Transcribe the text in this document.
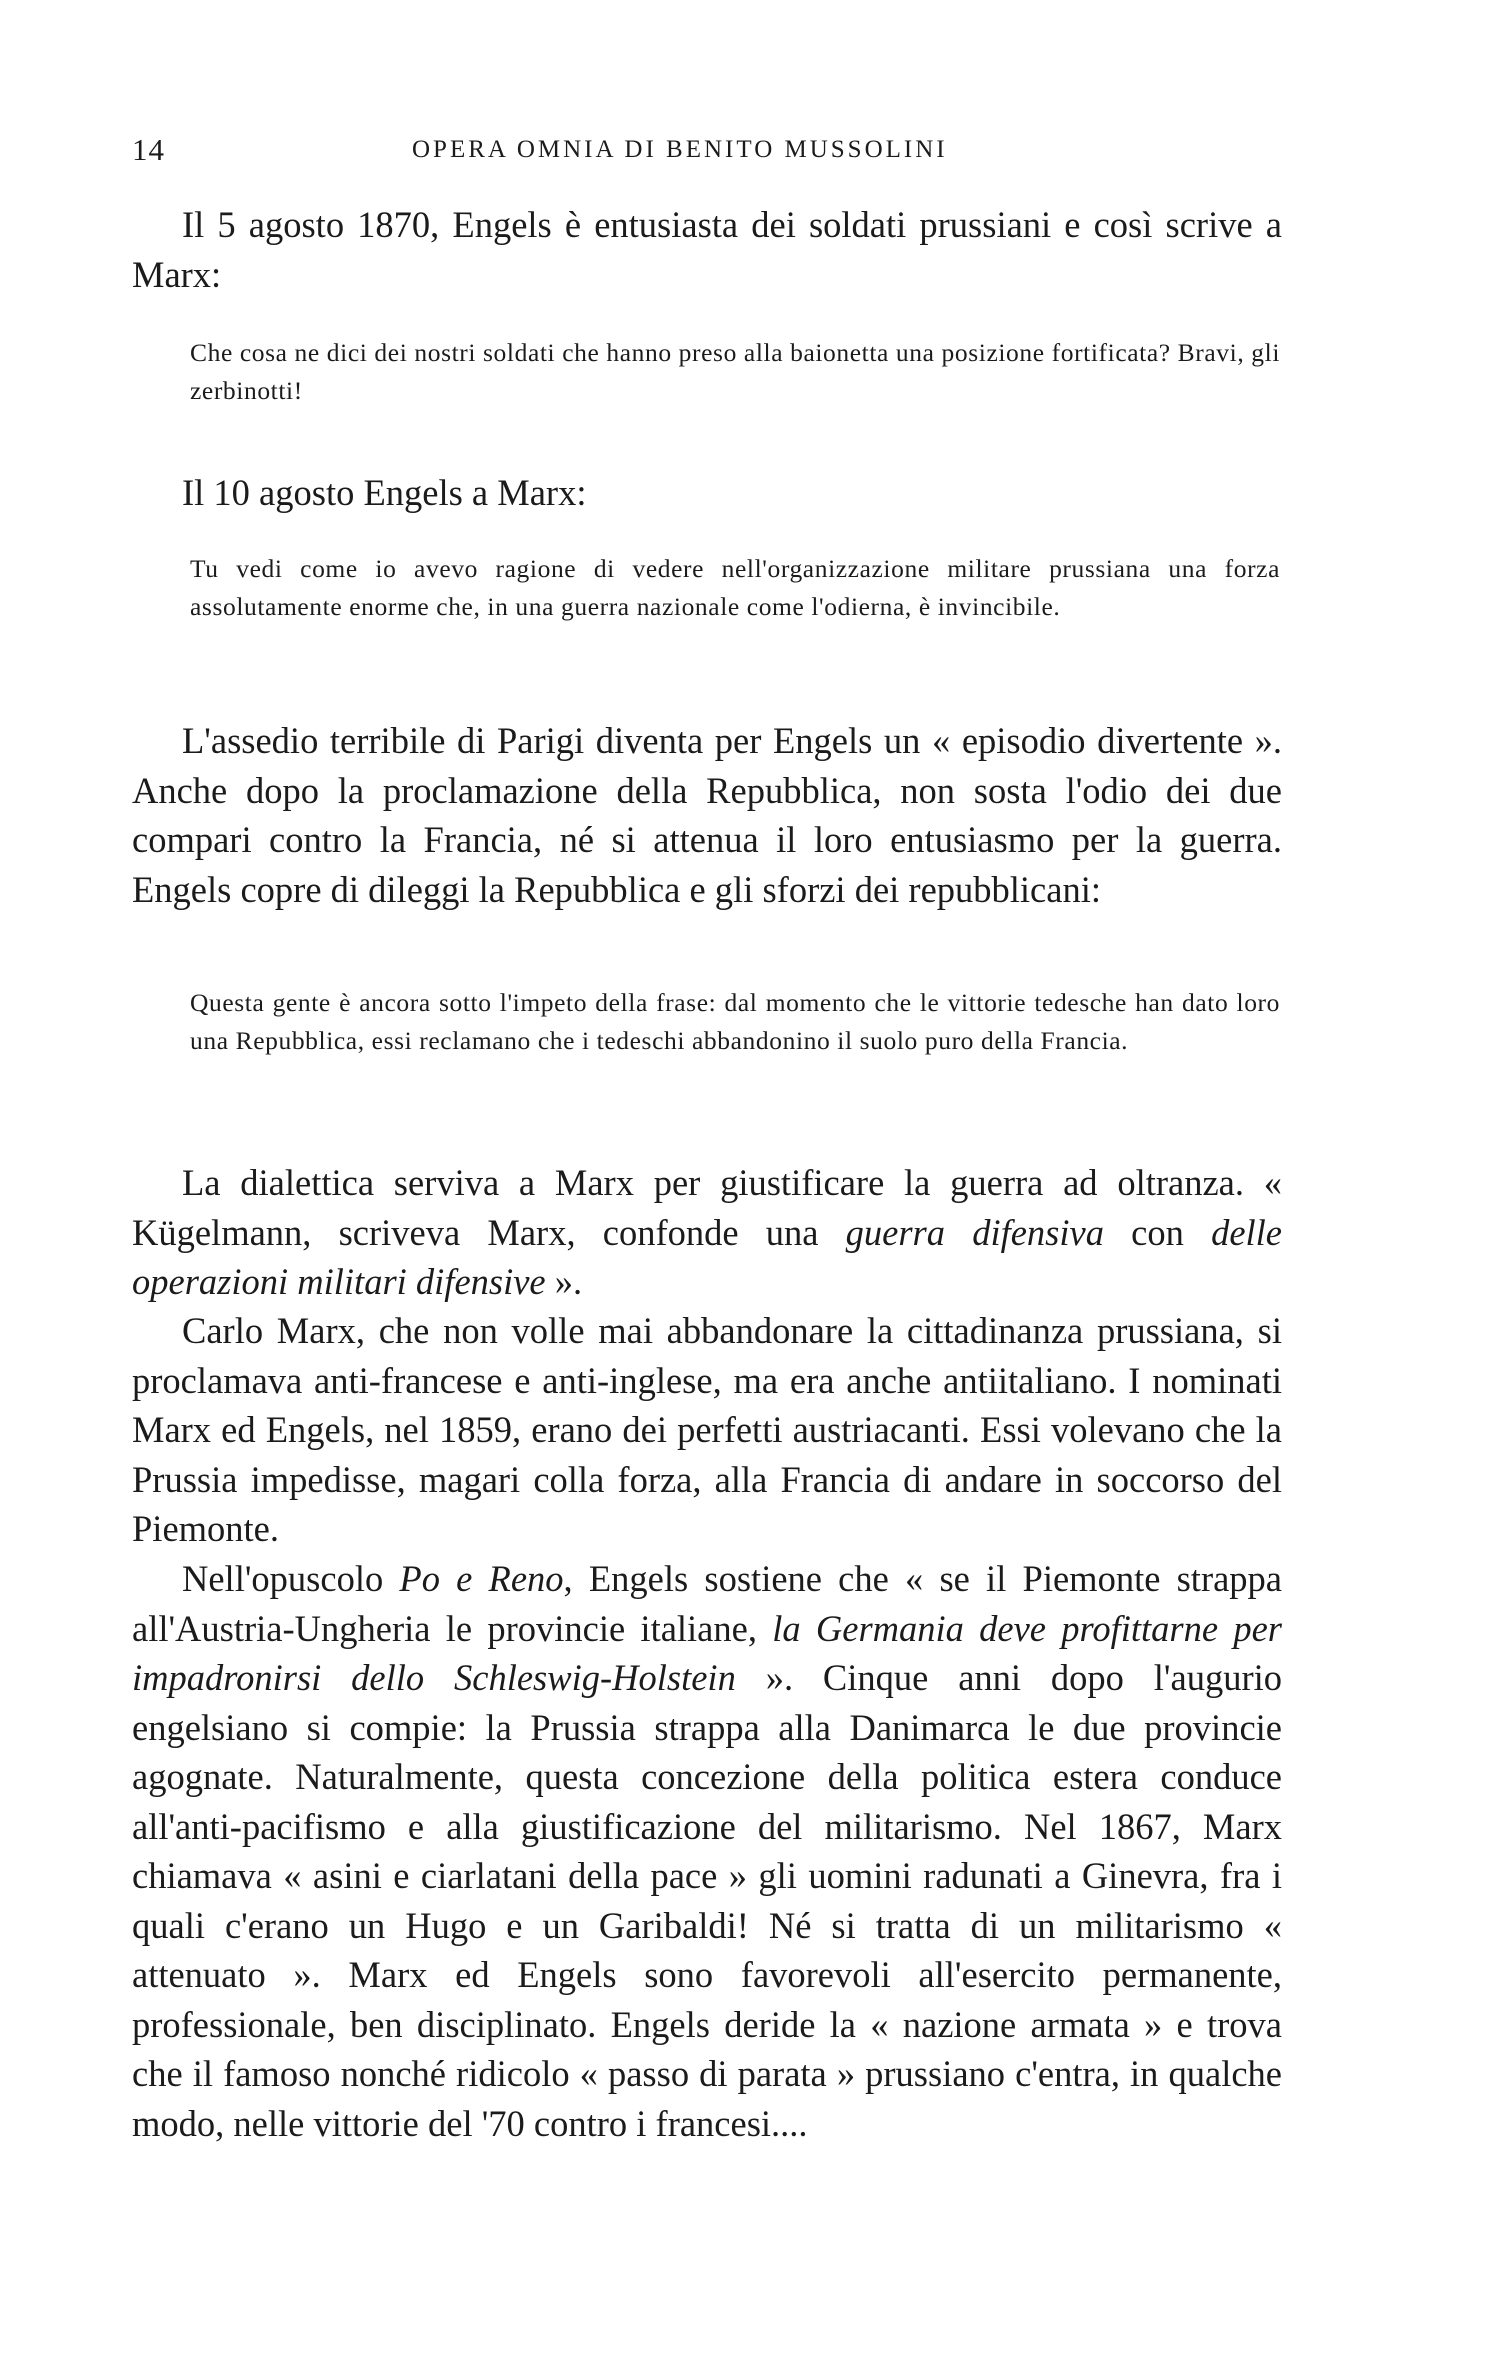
14	OPERA OMNIA DI BENITO MUSSOLINI

Il 5 agosto 1870, Engels è entusiasta dei soldati prussiani e così scrive a Marx:

Che cosa ne dici dei nostri soldati che hanno preso alla baionetta una posizione fortificata? Bravi, gli zerbinotti!

Il 10 agosto Engels a Marx:

Tu vedi come io avevo ragione di vedere nell'organizzazione militare prussiana una forza assolutamente enorme che, in una guerra nazionale come l'odierna, è invincibile.

L'assedio terribile di Parigi diventa per Engels un « episodio divertente ». Anche dopo la proclamazione della Repubblica, non sosta l'odio dei due compari contro la Francia, né si attenua il loro entusiasmo per la guerra. Engels copre di dileggi la Repubblica e gli sforzi dei repubblicani:

Questa gente è ancora sotto l'impeto della frase: dal momento che le vittorie tedesche han dato loro una Repubblica, essi reclamano che i tedeschi abbandonino il suolo puro della Francia.

La dialettica serviva a Marx per giustificare la guerra ad oltranza. « Kügelmann, scriveva Marx, confonde una guerra difensiva con delle operazioni militari difensive ».

Carlo Marx, che non volle mai abbandonare la cittadinanza prussiana, si proclamava anti-francese e anti-inglese, ma era anche antiitaliano. I nominati Marx ed Engels, nel 1859, erano dei perfetti austriacanti. Essi volevano che la Prussia impedisse, magari colla forza, alla Francia di andare in soccorso del Piemonte.

Nell'opuscolo Po e Reno, Engels sostiene che « se il Piemonte strappa all'Austria-Ungheria le provincie italiane, la Germania deve profittarne per impadronirsi dello Schleswig-Holstein ». Cinque anni dopo l'augurio engelsiano si compie: la Prussia strappa alla Danimarca le due provincie agognate. Naturalmente, questa concezione della politica estera conduce all'anti-pacifismo e alla giustificazione del militarismo. Nel 1867, Marx chiamava « asini e ciarlatani della pace » gli uomini radunati a Ginevra, fra i quali c'erano un Hugo e un Garibaldi! Né si tratta di un militarismo « attenuato ». Marx ed Engels sono favorevoli all'esercito permanente, professionale, ben disciplinato. Engels deride la « nazione armata » e trova che il famoso nonché ridicolo « passo di parata » prussiano c'entra, in qualche modo, nelle vittorie del '70 contro i francesi....
